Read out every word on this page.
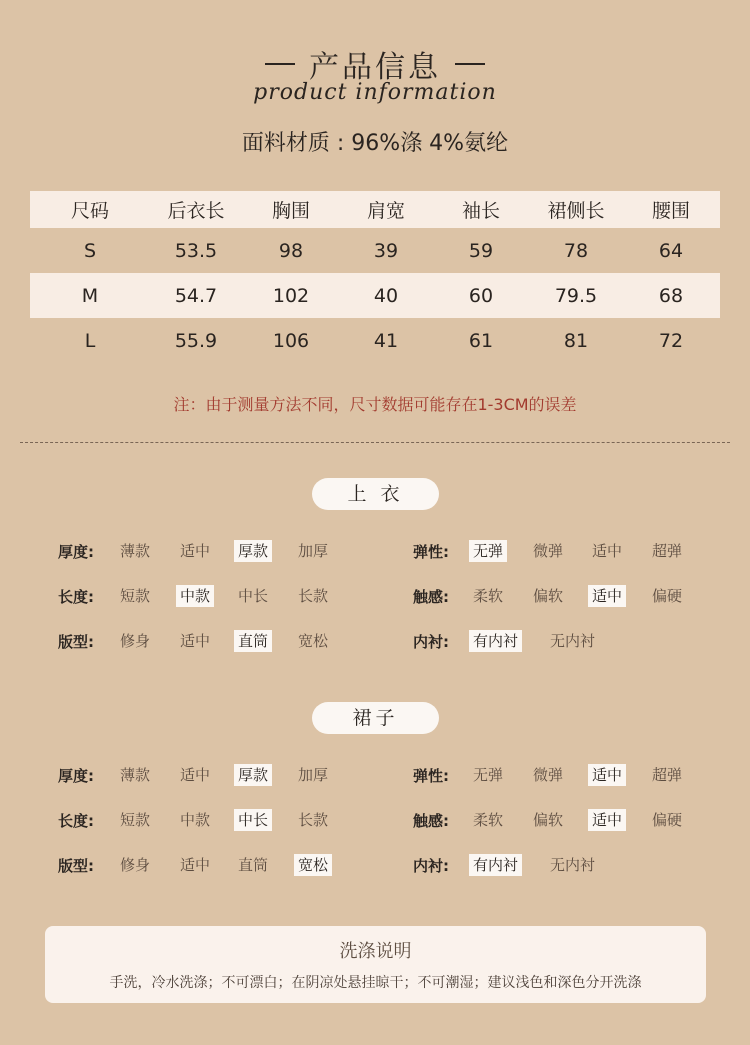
产品信息
product information
面料材质 : 96%涤 4%氨纶
尺码	后衣长	胸围	肩宽	袖长	裙侧长	腰围
S	53.5	98	39	59	78	64
M	54.7	102	40	60	79.5	68
L	55.9	106	41	61	81	72
注：由于测量方法不同，尺寸数据可能存在1-3CM的误差
上 衣
厚度:	薄款 适中 厚款 加厚
长度:	短款 中款 中长 长款
版型:	修身 适中 直筒 宽松
弹性:	无弹 微弹 适中 超弹
触感:	柔软 偏软 适中 偏硬
内衬:	有内衬 无内衬
裙子
厚度:	薄款 适中 厚款 加厚
长度:	短款 中款 中长 长款
版型:	修身 适中 直筒 宽松
弹性:	无弹 微弹 适中 超弹
触感:	柔软 偏软 适中 偏硬
内衬:	有内衬 无内衬
洗涤说明
手洗，冷水洗涤；不可漂白；在阴凉处悬挂晾干；不可潮湿；建议浅色和深色分开洗涤
